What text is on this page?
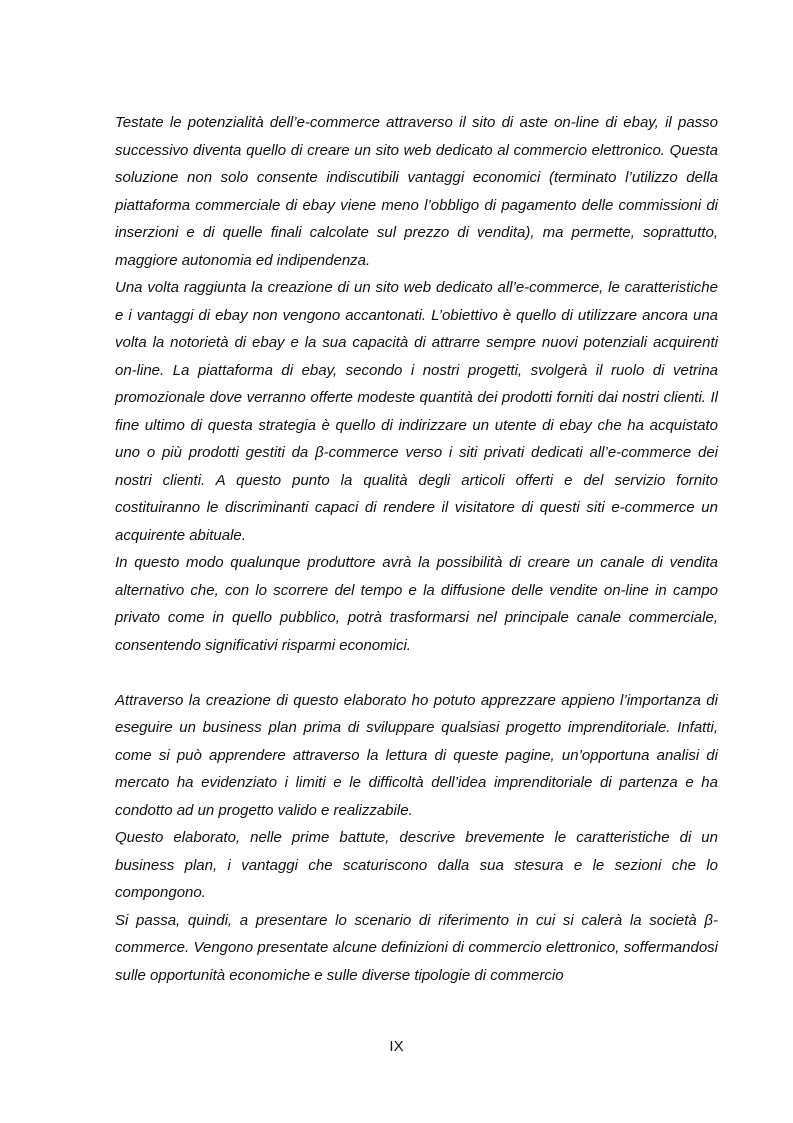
Testate le potenzialità dell’e-commerce attraverso il sito di aste on-line di ebay, il passo successivo diventa quello di creare un sito web dedicato al commercio elettronico. Questa soluzione non solo consente indiscutibili vantaggi economici (terminato l’utilizzo della piattaforma commerciale di ebay viene meno l’obbligo di pagamento delle commissioni di inserzioni e di quelle finali calcolate sul prezzo di vendita), ma permette, soprattutto, maggiore autonomia ed indipendenza.

Una volta raggiunta la creazione di un sito web dedicato all’e-commerce, le caratteristiche e i vantaggi di ebay non vengono accantonati. L’obiettivo è quello di utilizzare ancora una volta la notorietà di ebay e la sua capacità di attrarre sempre nuovi potenziali acquirenti on-line. La piattaforma di ebay, secondo i nostri progetti, svolgerà il ruolo di vetrina promozionale dove verranno offerte modeste quantità dei prodotti forniti dai nostri clienti. Il fine ultimo di questa strategia è quello di indirizzare un utente di ebay che ha acquistato uno o più prodotti gestiti da β-commerce verso i siti privati dedicati all’e-commerce dei nostri clienti. A questo punto la qualità degli articoli offerti e del servizio fornito costituiranno le discriminanti capaci di rendere il visitatore di questi siti e-commerce un acquirente abituale.

In questo modo qualunque produttore avrà la possibilità di creare un canale di vendita alternativo che, con lo scorrere del tempo e la diffusione delle vendite on-line in campo privato come in quello pubblico, potrà trasformarsi nel principale canale commerciale, consentendo significativi risparmi economici.

Attraverso la creazione di questo elaborato ho potuto apprezzare appieno l’importanza di eseguire un business plan prima di sviluppare qualsiasi progetto imprenditoriale. Infatti, come si può apprendere attraverso la lettura di queste pagine, un’opportuna analisi di mercato ha evidenziato i limiti e le difficoltà dell’idea imprenditoriale di partenza e ha condotto ad un progetto valido e realizzabile.

Questo elaborato, nelle prime battute, descrive brevemente le caratteristiche di un business plan, i vantaggi che scaturiscono dalla sua stesura e le sezioni che lo compongono.

Si passa, quindi, a presentare lo scenario di riferimento in cui si calerà la società β-commerce. Vengono presentate alcune definizioni di commercio elettronico, soffermandosi sulle opportunità economiche e sulle diverse tipologie di commercio

IX
